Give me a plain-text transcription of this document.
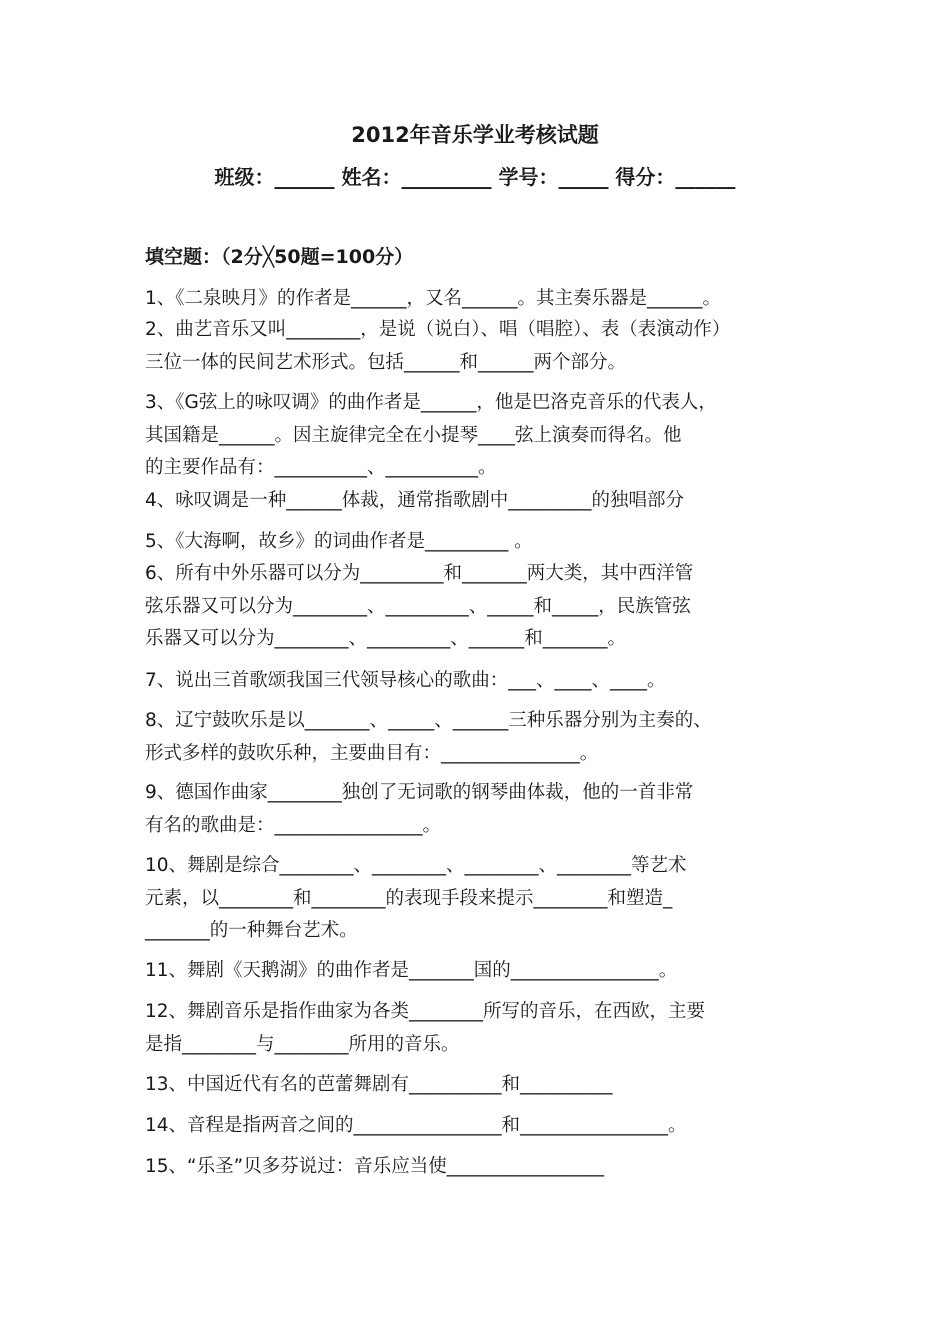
2012年音乐学业考核试题
班级：______ 姓名：_________ 学号：_____ 得分：______
填空题：（2分╳50题=100分）
1、《二泉映月》的作者是______，又名______。其主奏乐器是______。
2、曲艺音乐又叫________，是说（说白）、唱（唱腔）、表（表演动作）
三位一体的民间艺术形式。包括______和______两个部分。
3、《G弦上的咏叹调》的曲作者是______，他是巴洛克音乐的代表人，
其国籍是______。因主旋律完全在小提琴____弦上演奏而得名。他
的主要作品有：__________、__________。
4、咏叹调是一种______体裁，通常指歌剧中_________的独唱部分
5、《大海啊，故乡》的词曲作者是_________ 。
6、所有中外乐器可以分为_________和_______两大类，其中西洋管
弦乐器又可以分为________、_________、_____和_____，民族管弦
乐器又可以分为________、_________、______和_______。
7、说出三首歌颂我国三代领导核心的歌曲：___、____、____。
8、辽宁鼓吹乐是以_______、_____、______三种乐器分别为主奏的、
形式多样的鼓吹乐种，主要曲目有：_______________。
9、德国作曲家________独创了无词歌的钢琴曲体裁，他的一首非常
有名的歌曲是：________________。
10、舞剧是综合________、________、________、________等艺术
元素，以________和________的表现手段来提示________和塑造_
_______的一种舞台艺术。
11、舞剧《天鹅湖》的曲作者是_______国的________________。
12、舞剧音乐是指作曲家为各类________所写的音乐，在西欧，主要
是指________与________所用的音乐。
13、中国近代有名的芭蕾舞剧有__________和__________
14、音程是指两音之间的________________和________________。
15、“乐圣”贝多芬说过：音乐应当使_________________
